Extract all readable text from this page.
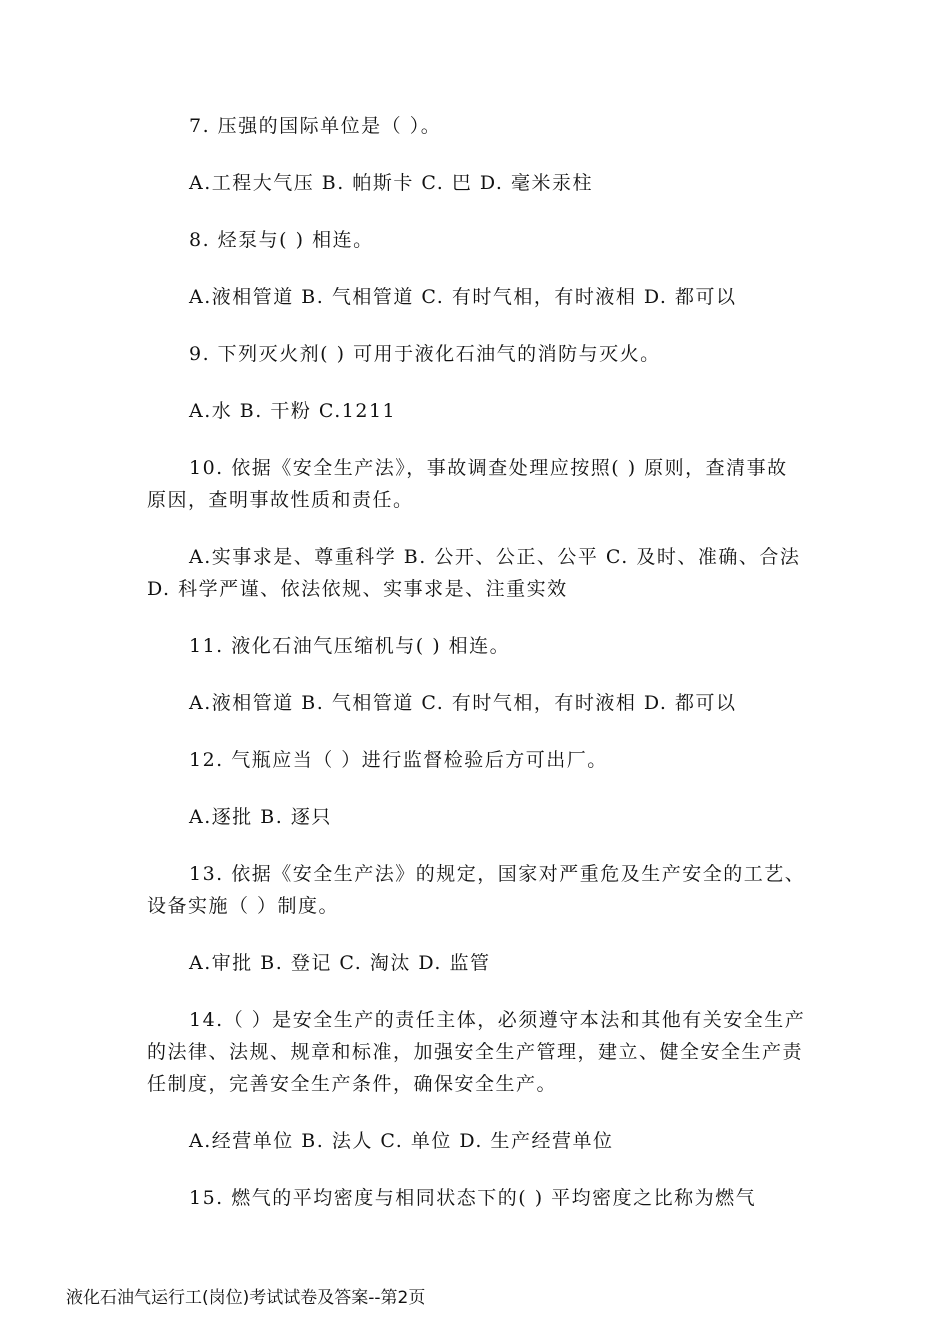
7. 压强的国际单位是（ ）。

A.工程大气压 B. 帕斯卡 C. 巴 D. 毫米汞柱

8. 烃泵与( ) 相连。

A.液相管道 B. 气相管道 C. 有时气相，有时液相 D. 都可以

9. 下列灭火剂( ) 可用于液化石油气的消防与灭火。

A.水 B. 干粉 C.1211

10. 依据《安全生产法》，事故调查处理应按照( ) 原则，查清事故原因，查明事故性质和责任。

A.实事求是、尊重科学 B. 公开、公正、公平 C. 及时、准确、合法 D. 科学严谨、依法依规、实事求是、注重实效

11. 液化石油气压缩机与( ) 相连。

A.液相管道 B. 气相管道 C. 有时气相，有时液相 D. 都可以

12. 气瓶应当（ ）进行监督检验后方可出厂。

A.逐批 B. 逐只

13. 依据《安全生产法》的规定，国家对严重危及生产安全的工艺、设备实施（ ）制度。

A.审批 B. 登记 C. 淘汰 D. 监管

14.（ ）是安全生产的责任主体，必须遵守本法和其他有关安全生产的法律、法规、规章和标准，加强安全生产管理，建立、健全安全生产责任制度，完善安全生产条件，确保安全生产。

A.经营单位 B. 法人 C. 单位 D. 生产经营单位

15. 燃气的平均密度与相同状态下的( ) 平均密度之比称为燃气

液化石油气运行工(岗位)考试试卷及答案--第2页
